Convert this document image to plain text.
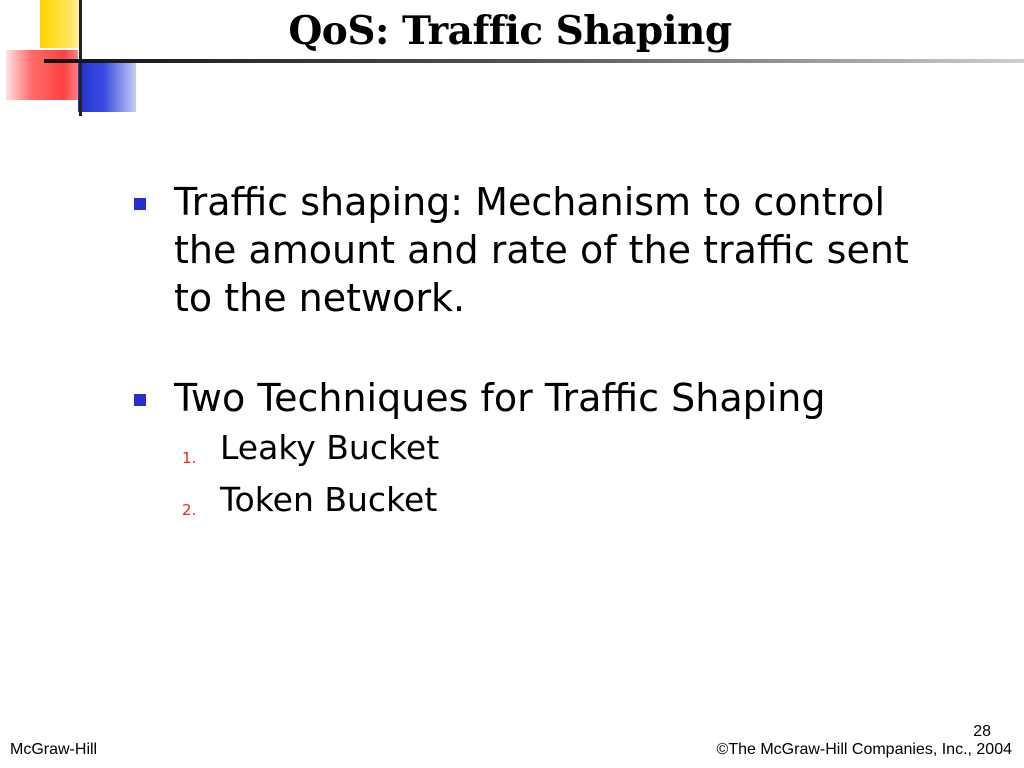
QoS: Traffic Shaping
Traffic shaping: Mechanism to control the amount and rate of the traffic sent to the network.
Two Techniques for Traffic Shaping
1. Leaky Bucket
2. Token Bucket
28
McGraw-Hill	©The McGraw-Hill Companies, Inc., 2004
